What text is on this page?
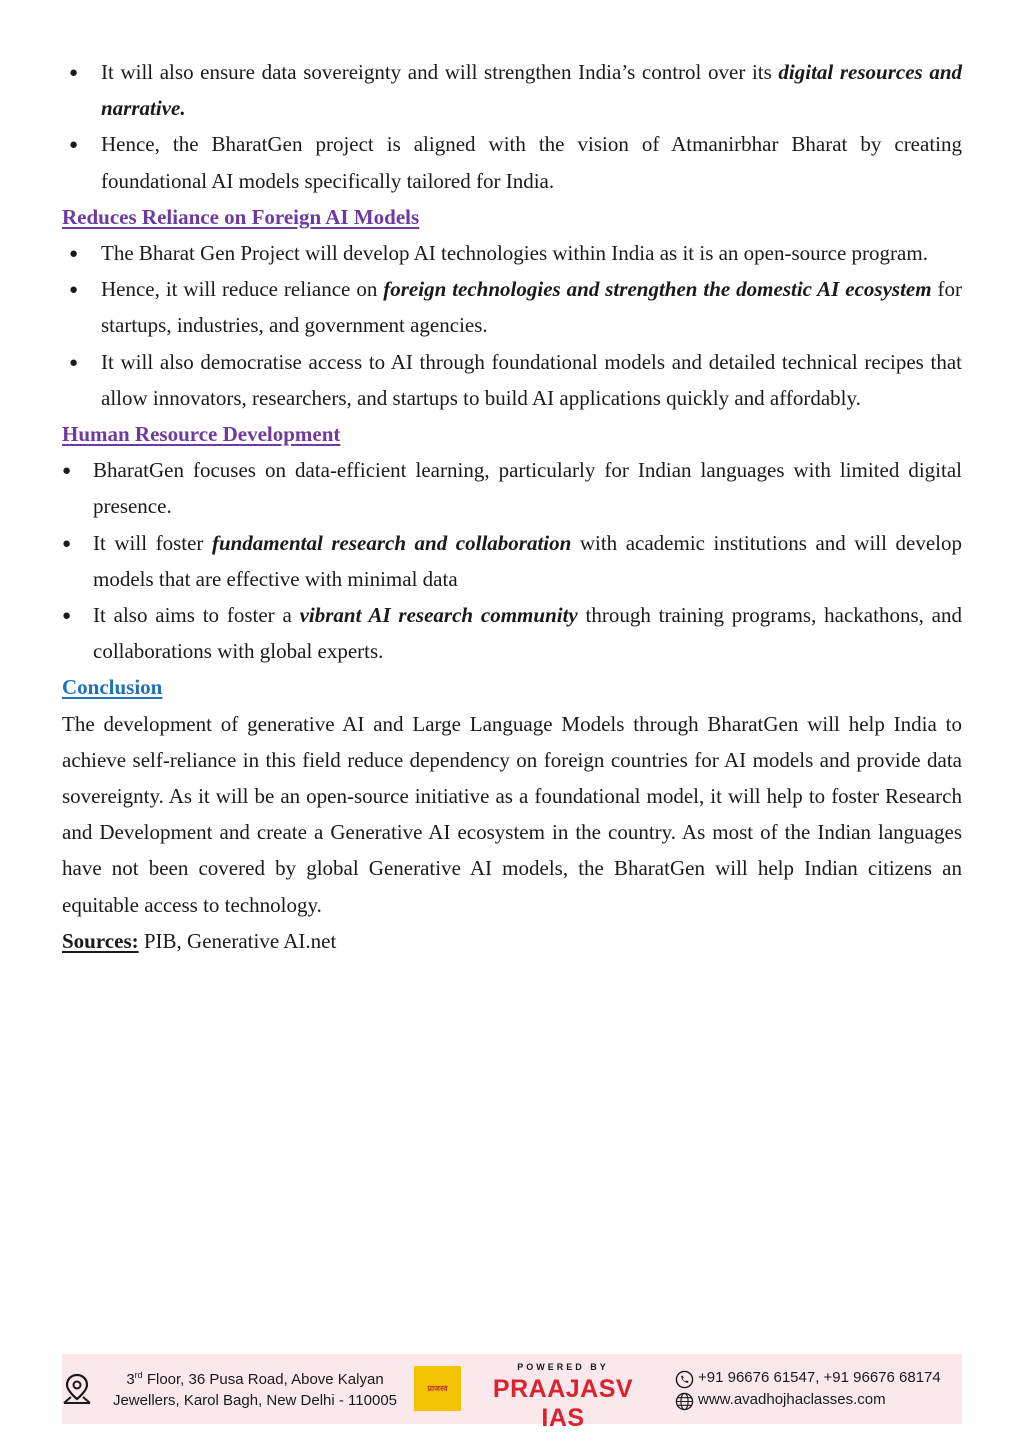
● It will also ensure data sovereignty and will strengthen India’s control over its digital resources and narrative.
● Hence, the BharatGen project is aligned with the vision of Atmanirbhar Bharat by creating foundational AI models specifically tailored for India.

Reduces Reliance on Foreign AI Models

● The Bharat Gen Project will develop AI technologies within India as it is an open-source program.
● Hence, it will reduce reliance on foreign technologies and strengthen the domestic AI ecosystem for startups, industries, and government agencies.
● It will also democratise access to AI through foundational models and detailed technical recipes that allow innovators, researchers, and startups to build AI applications quickly and affordably.

Human Resource Development

● BharatGen focuses on data-efficient learning, particularly for Indian languages with limited digital presence.
● It will foster fundamental research and collaboration with academic institutions and will develop models that are effective with minimal data
● It also aims to foster a vibrant AI research community through training programs, hackathons, and collaborations with global experts.

Conclusion

The development of generative AI and Large Language Models through BharatGen will help India to achieve self-reliance in this field reduce dependency on foreign countries for AI models and provide data sovereignty. As it will be an open-source initiative as a foundational model, it will help to foster Research and Development and create a Generative AI ecosystem in the country. As most of the Indian languages have not been covered by global Generative AI models, the BharatGen will help Indian citizens an equitable access to technology.

Sources: PIB, Generative AI.net

3rd Floor, 36 Pusa Road, Above Kalyan
Jewellers, Karol Bagh, New Delhi - 110005
प्राजस्व
POWERED BY
PRAAJASV IAS
+91 96676 61547, +91 96676 68174
www.avadhojhaclasses.com
